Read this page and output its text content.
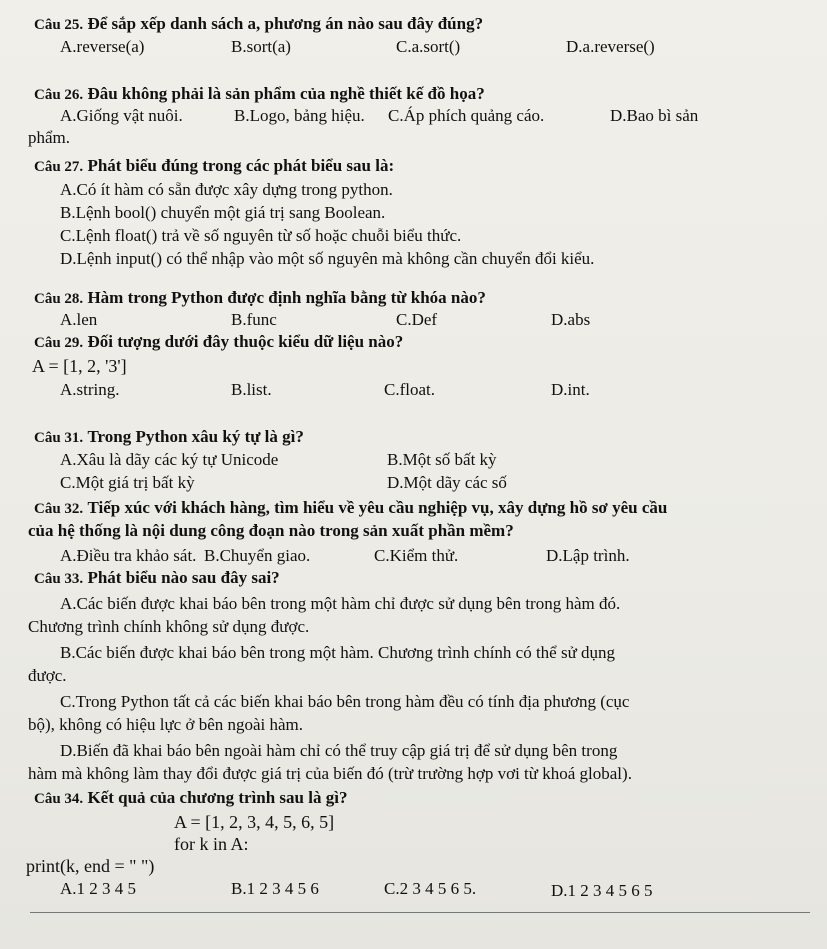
Câu 25. Để sắp xếp danh sách a, phương án nào sau đây đúng?
A.reverse(a)	B.sort(a)	C.a.sort()	D.a.reverse()
Câu 26. Đâu không phải là sản phẩm của nghề thiết kế đồ họa?
A.Giống vật nuôi.	B.Logo, bảng hiệu. C.Áp phích quảng cáo.	D.Bao bì sản
phẩm.
Câu 27. Phát biểu đúng trong các phát biểu sau là:
A.Có ít hàm có sẵn được xây dựng trong python.
B.Lệnh bool() chuyển một giá trị sang Boolean.
C.Lệnh float() trả về số nguyên từ số hoặc chuỗi biểu thức.
D.Lệnh input() có thể nhập vào một số nguyên mà không cần chuyển đổi kiểu.
Câu 28. Hàm trong Python được định nghĩa bằng từ khóa nào?
A.len	B.func	C.Def	D.abs
Câu 29. Đối tượng dưới đây thuộc kiểu dữ liệu nào?
A = [1, 2, '3']
A.string.	B.list.	C.float.	D.int.
Câu 31. Trong Python xâu ký tự là gì?
A.Xâu là dãy các ký tự Unicode	B.Một số bất kỳ
C.Một giá trị bất kỳ	D.Một dãy các số
Câu 32. Tiếp xúc với khách hàng, tìm hiểu về yêu cầu nghiệp vụ, xây dựng hồ sơ yêu cầu
của hệ thống là nội dung công đoạn nào trong sản xuất phần mềm?
A.Điều tra khảo sát. B.Chuyển giao.	C.Kiểm thử.	D.Lập trình.
Câu 33. Phát biểu nào sau đây sai?
A.Các biến được khai báo bên trong một hàm chỉ được sử dụng bên trong hàm đó.
Chương trình chính không sử dụng được.
B.Các biến được khai báo bên trong một hàm. Chương trình chính có thể sử dụng
được.
C.Trong Python tất cả các biến khai báo bên trong hàm đều có tính địa phương (cục
bộ), không có hiệu lực ở bên ngoài hàm.
D.Biến đã khai báo bên ngoài hàm chỉ có thể truy cập giá trị để sử dụng bên trong
hàm mà không làm thay đổi được giá trị của biến đó (trừ trường hợp vơi từ khoá global).
Câu 34. Kết quả của chương trình sau là gì?
A = [1, 2, 3, 4, 5, 6, 5]
for k in A:
print(k, end = " ")
A.1 2 3 4 5	B.1 2 3 4 5 6	C.2 3 4 5 6 5.	D.1 2 3 4 5 6 5
